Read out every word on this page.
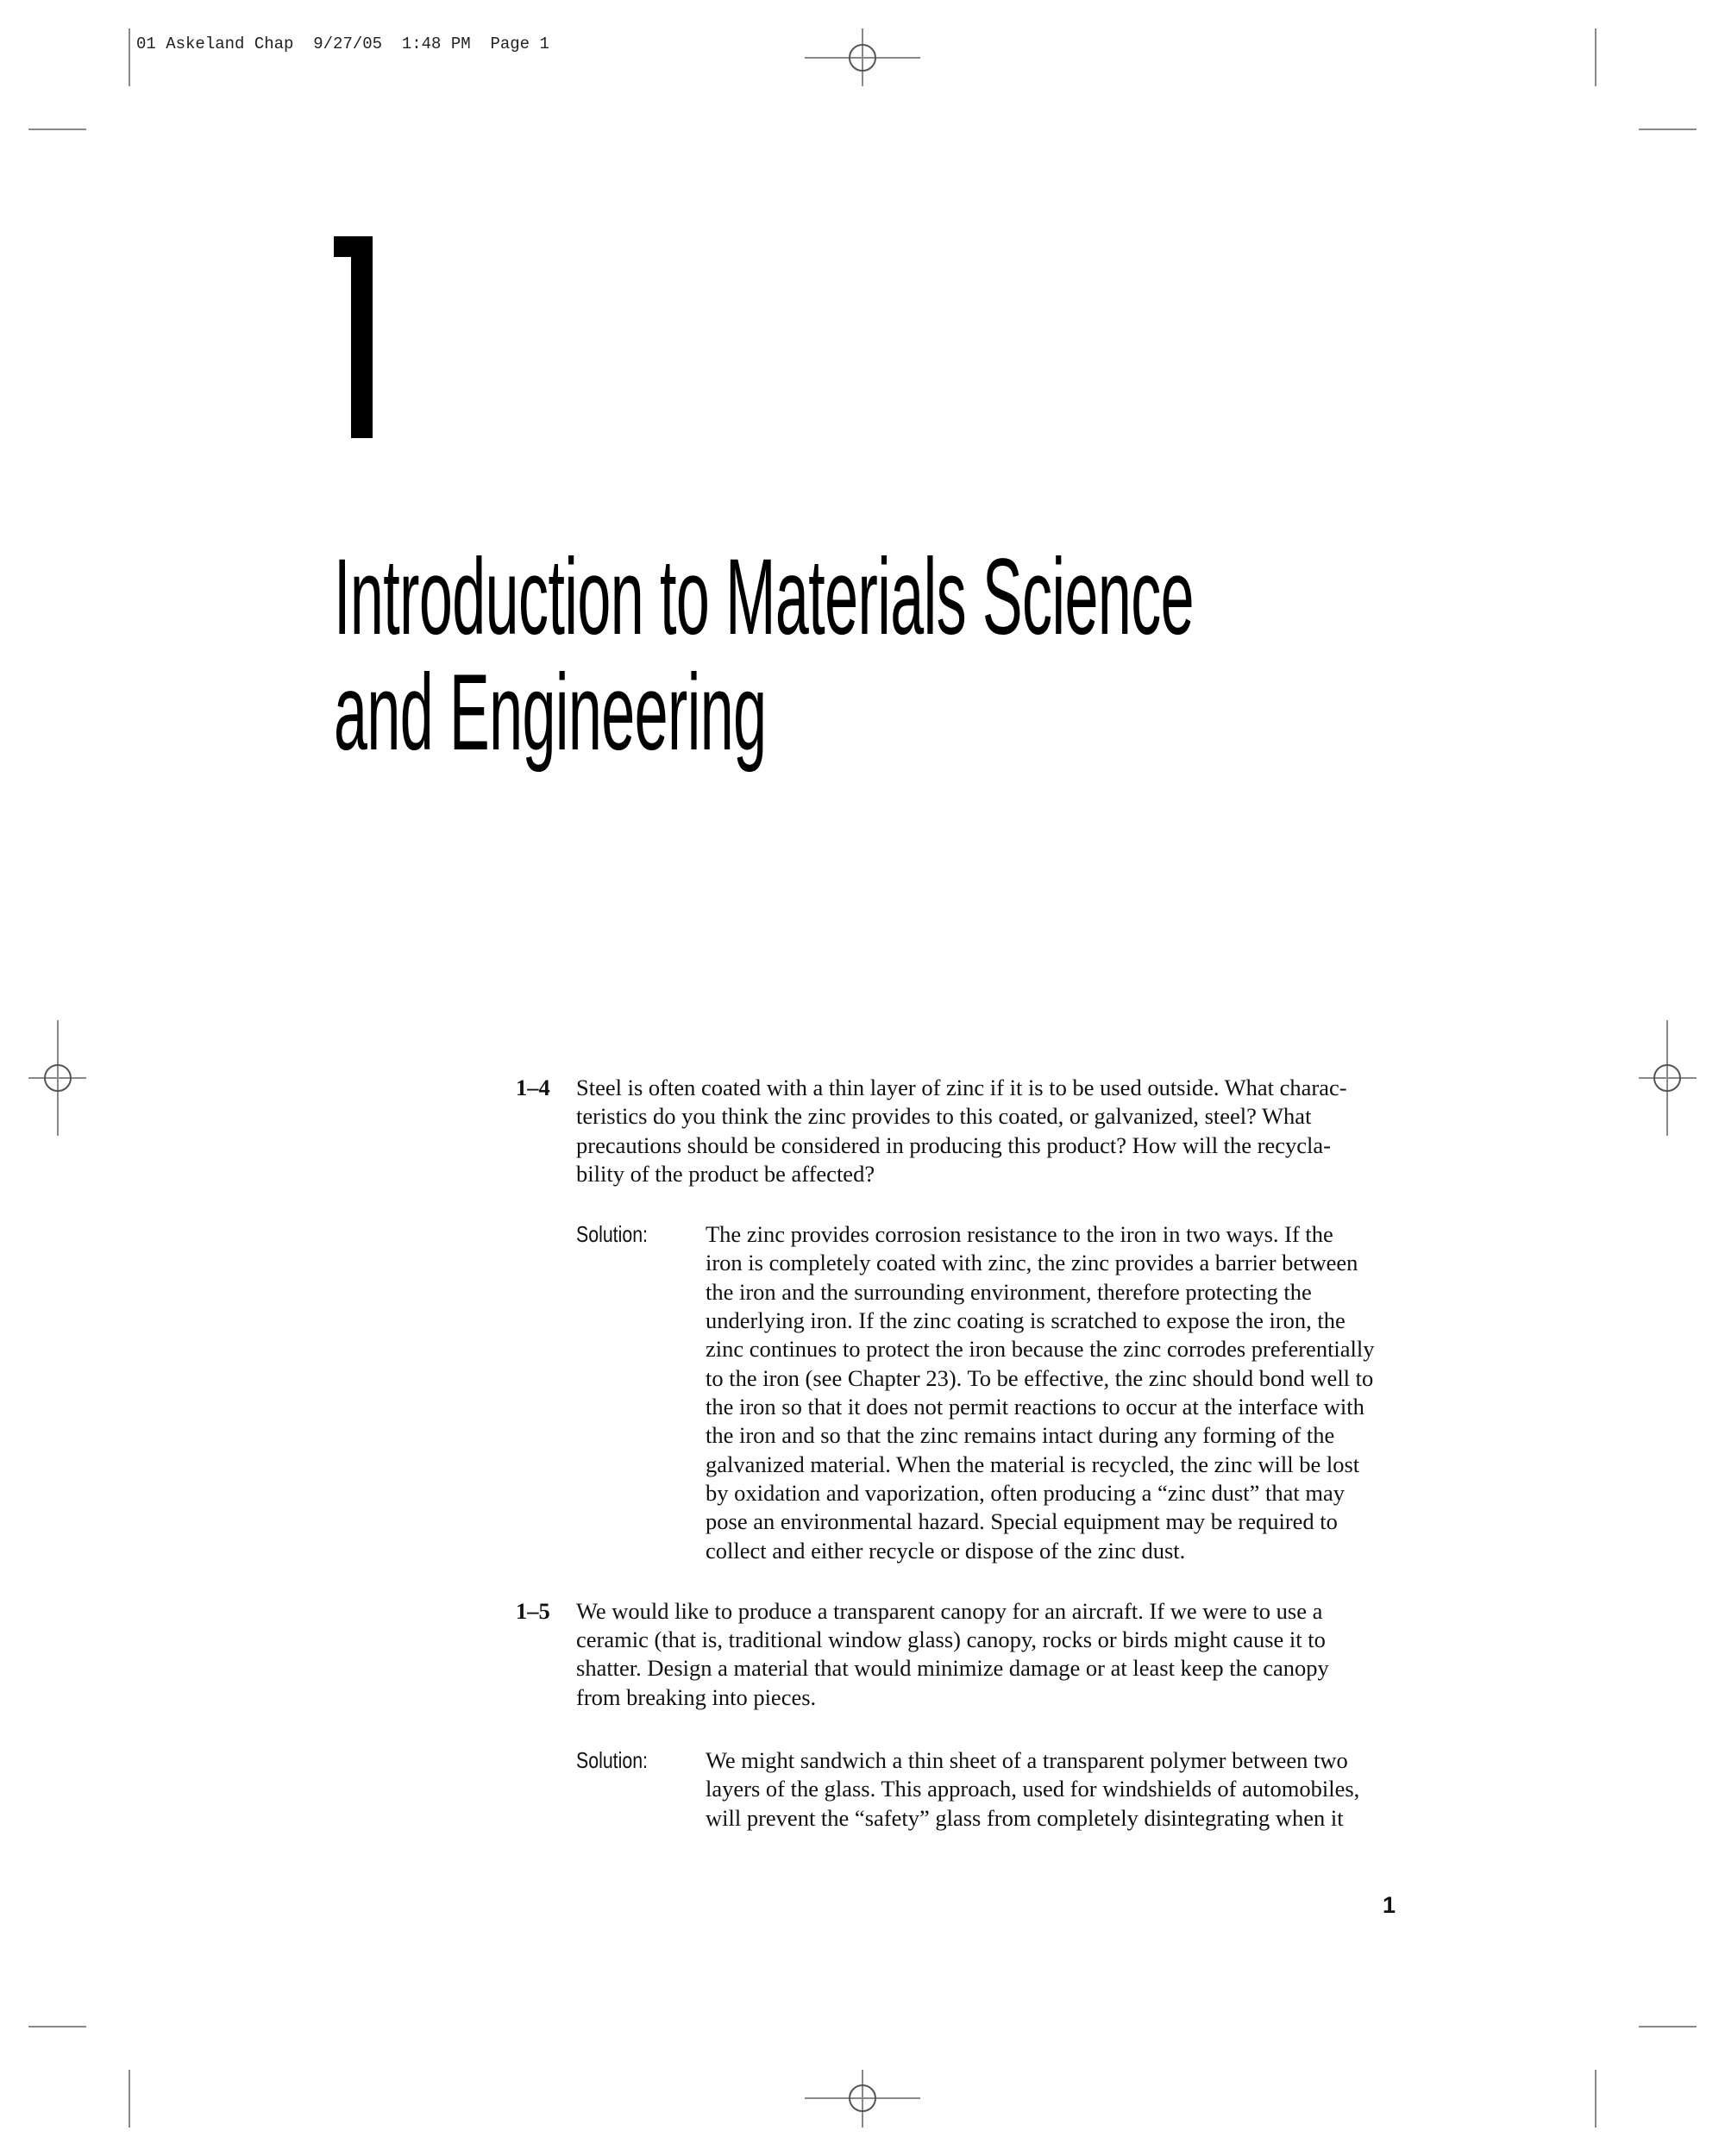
01 Askeland Chap  9/27/05  1:48 PM  Page 1
Introduction to Materials Science
and Engineering
1–4 Steel is often coated with a thin layer of zinc if it is to be used outside. What charac-
teristics do you think the zinc provides to this coated, or galvanized, steel? What
precautions should be considered in producing this product? How will the recycla-
bility of the product be affected?
Solution:	The zinc provides corrosion resistance to the iron in two ways. If the
iron is completely coated with zinc, the zinc provides a barrier between
the iron and the surrounding environment, therefore protecting the
underlying iron. If the zinc coating is scratched to expose the iron, the
zinc continues to protect the iron because the zinc corrodes preferentially
to the iron (see Chapter 23). To be effective, the zinc should bond well to
the iron so that it does not permit reactions to occur at the interface with
the iron and so that the zinc remains intact during any forming of the
galvanized material. When the material is recycled, the zinc will be lost
by oxidation and vaporization, often producing a “zinc dust” that may
pose an environmental hazard. Special equipment may be required to
collect and either recycle or dispose of the zinc dust.
1–5 We would like to produce a transparent canopy for an aircraft. If we were to use a
ceramic (that is, traditional window glass) canopy, rocks or birds might cause it to
shatter. Design a material that would minimize damage or at least keep the canopy
from breaking into pieces.
Solution:	We might sandwich a thin sheet of a transparent polymer between two
layers of the glass. This approach, used for windshields of automobiles,
will prevent the “safety” glass from completely disintegrating when it
1
